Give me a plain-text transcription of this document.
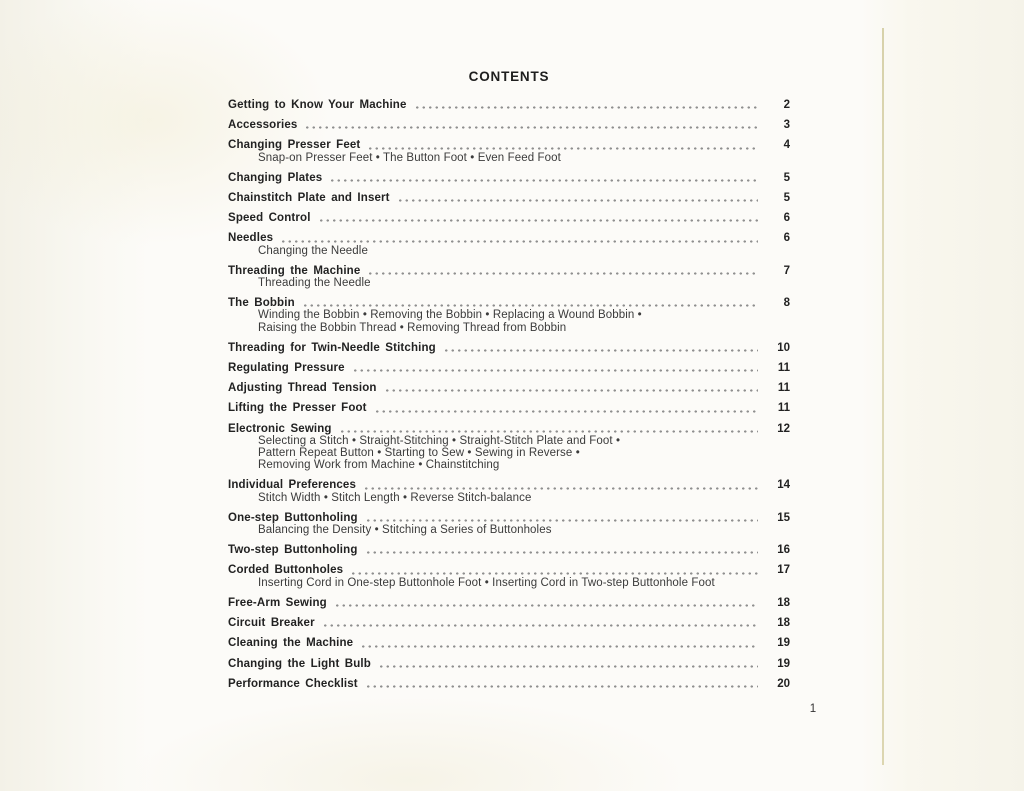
CONTENTS
Getting to Know Your Machine	2
Accessories	3
Changing Presser Feet	4
Snap-on Presser Feet • The Button Foot • Even Feed Foot
Changing Plates	5
Chainstitch Plate and Insert	5
Speed Control	6
Needles	6
Changing the Needle
Threading the Machine	7
Threading the Needle
The Bobbin	8
Winding the Bobbin • Removing the Bobbin • Replacing a Wound Bobbin •
Raising the Bobbin Thread • Removing Thread from Bobbin
Threading for Twin-Needle Stitching	10
Regulating Pressure	11
Adjusting Thread Tension	11
Lifting the Presser Foot	11
Electronic Sewing	12
Selecting a Stitch • Straight-Stitching • Straight-Stitch Plate and Foot •
Pattern Repeat Button • Starting to Sew • Sewing in Reverse •
Removing Work from Machine • Chainstitching
Individual Preferences	14
Stitch Width • Stitch Length • Reverse Stitch-balance
One-step Buttonholing	15
Balancing the Density • Stitching a Series of Buttonholes
Two-step Buttonholing	16
Corded Buttonholes	17
Inserting Cord in One-step Buttonhole Foot • Inserting Cord in Two-step Buttonhole Foot
Free-Arm Sewing	18
Circuit Breaker	18
Cleaning the Machine	19
Changing the Light Bulb	19
Performance Checklist	20
1
